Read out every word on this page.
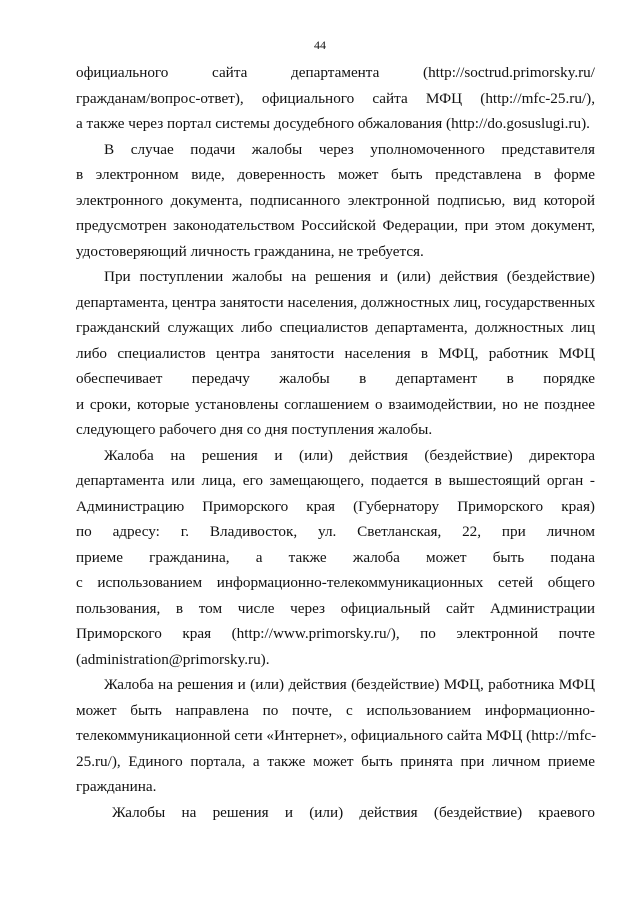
44
официального сайта департамента (http://soctrud.primorsky.ru/
гражданам/вопрос-ответ), официального сайта МФЦ (http://mfc-25.ru/),
а также через портал системы досудебного обжалования (http://do.gosuslugi.ru).
В случае подачи жалобы через уполномоченного представителя
в электронном виде, доверенность может быть представлена в форме
электронного документа, подписанного электронной подписью, вид которой
предусмотрен законодательством Российской Федерации, при этом документ,
удостоверяющий личность гражданина, не требуется.
При поступлении жалобы на решения и (или) действия (бездействие)
департамента, центра занятости населения, должностных лиц, государственных
гражданский служащих либо специалистов департамента, должностных лиц
либо специалистов центра занятости населения в МФЦ, работник МФЦ
обеспечивает передачу жалобы в департамент в порядке
и сроки, которые установлены соглашением о взаимодействии, но не позднее
следующего рабочего дня со дня поступления жалобы.
Жалоба на решения и (или) действия (бездействие) директора
департамента или лица, его замещающего, подается в вышестоящий орган -
Администрацию Приморского края (Губернатору Приморского края)
по адресу: г. Владивосток, ул. Светланская, 22, при личном
приеме гражданина, а также жалоба может быть подана
с использованием информационно-телекоммуникационных сетей общего
пользования, в том числе через официальный сайт Администрации
Приморского края (http://www.primorsky.ru/), по электронной почте
(administration@primorsky.ru).
Жалоба на решения и (или) действия (бездействие) МФЦ, работника МФЦ
может быть направлена по почте, с использованием информационно-
телекоммуникационной сети «Интернет», официального сайта МФЦ (http://mfc-
25.ru/), Единого портала, а также может быть принята при личном приеме
гражданина.
Жалобы на решения и (или) действия (бездействие) краевого
